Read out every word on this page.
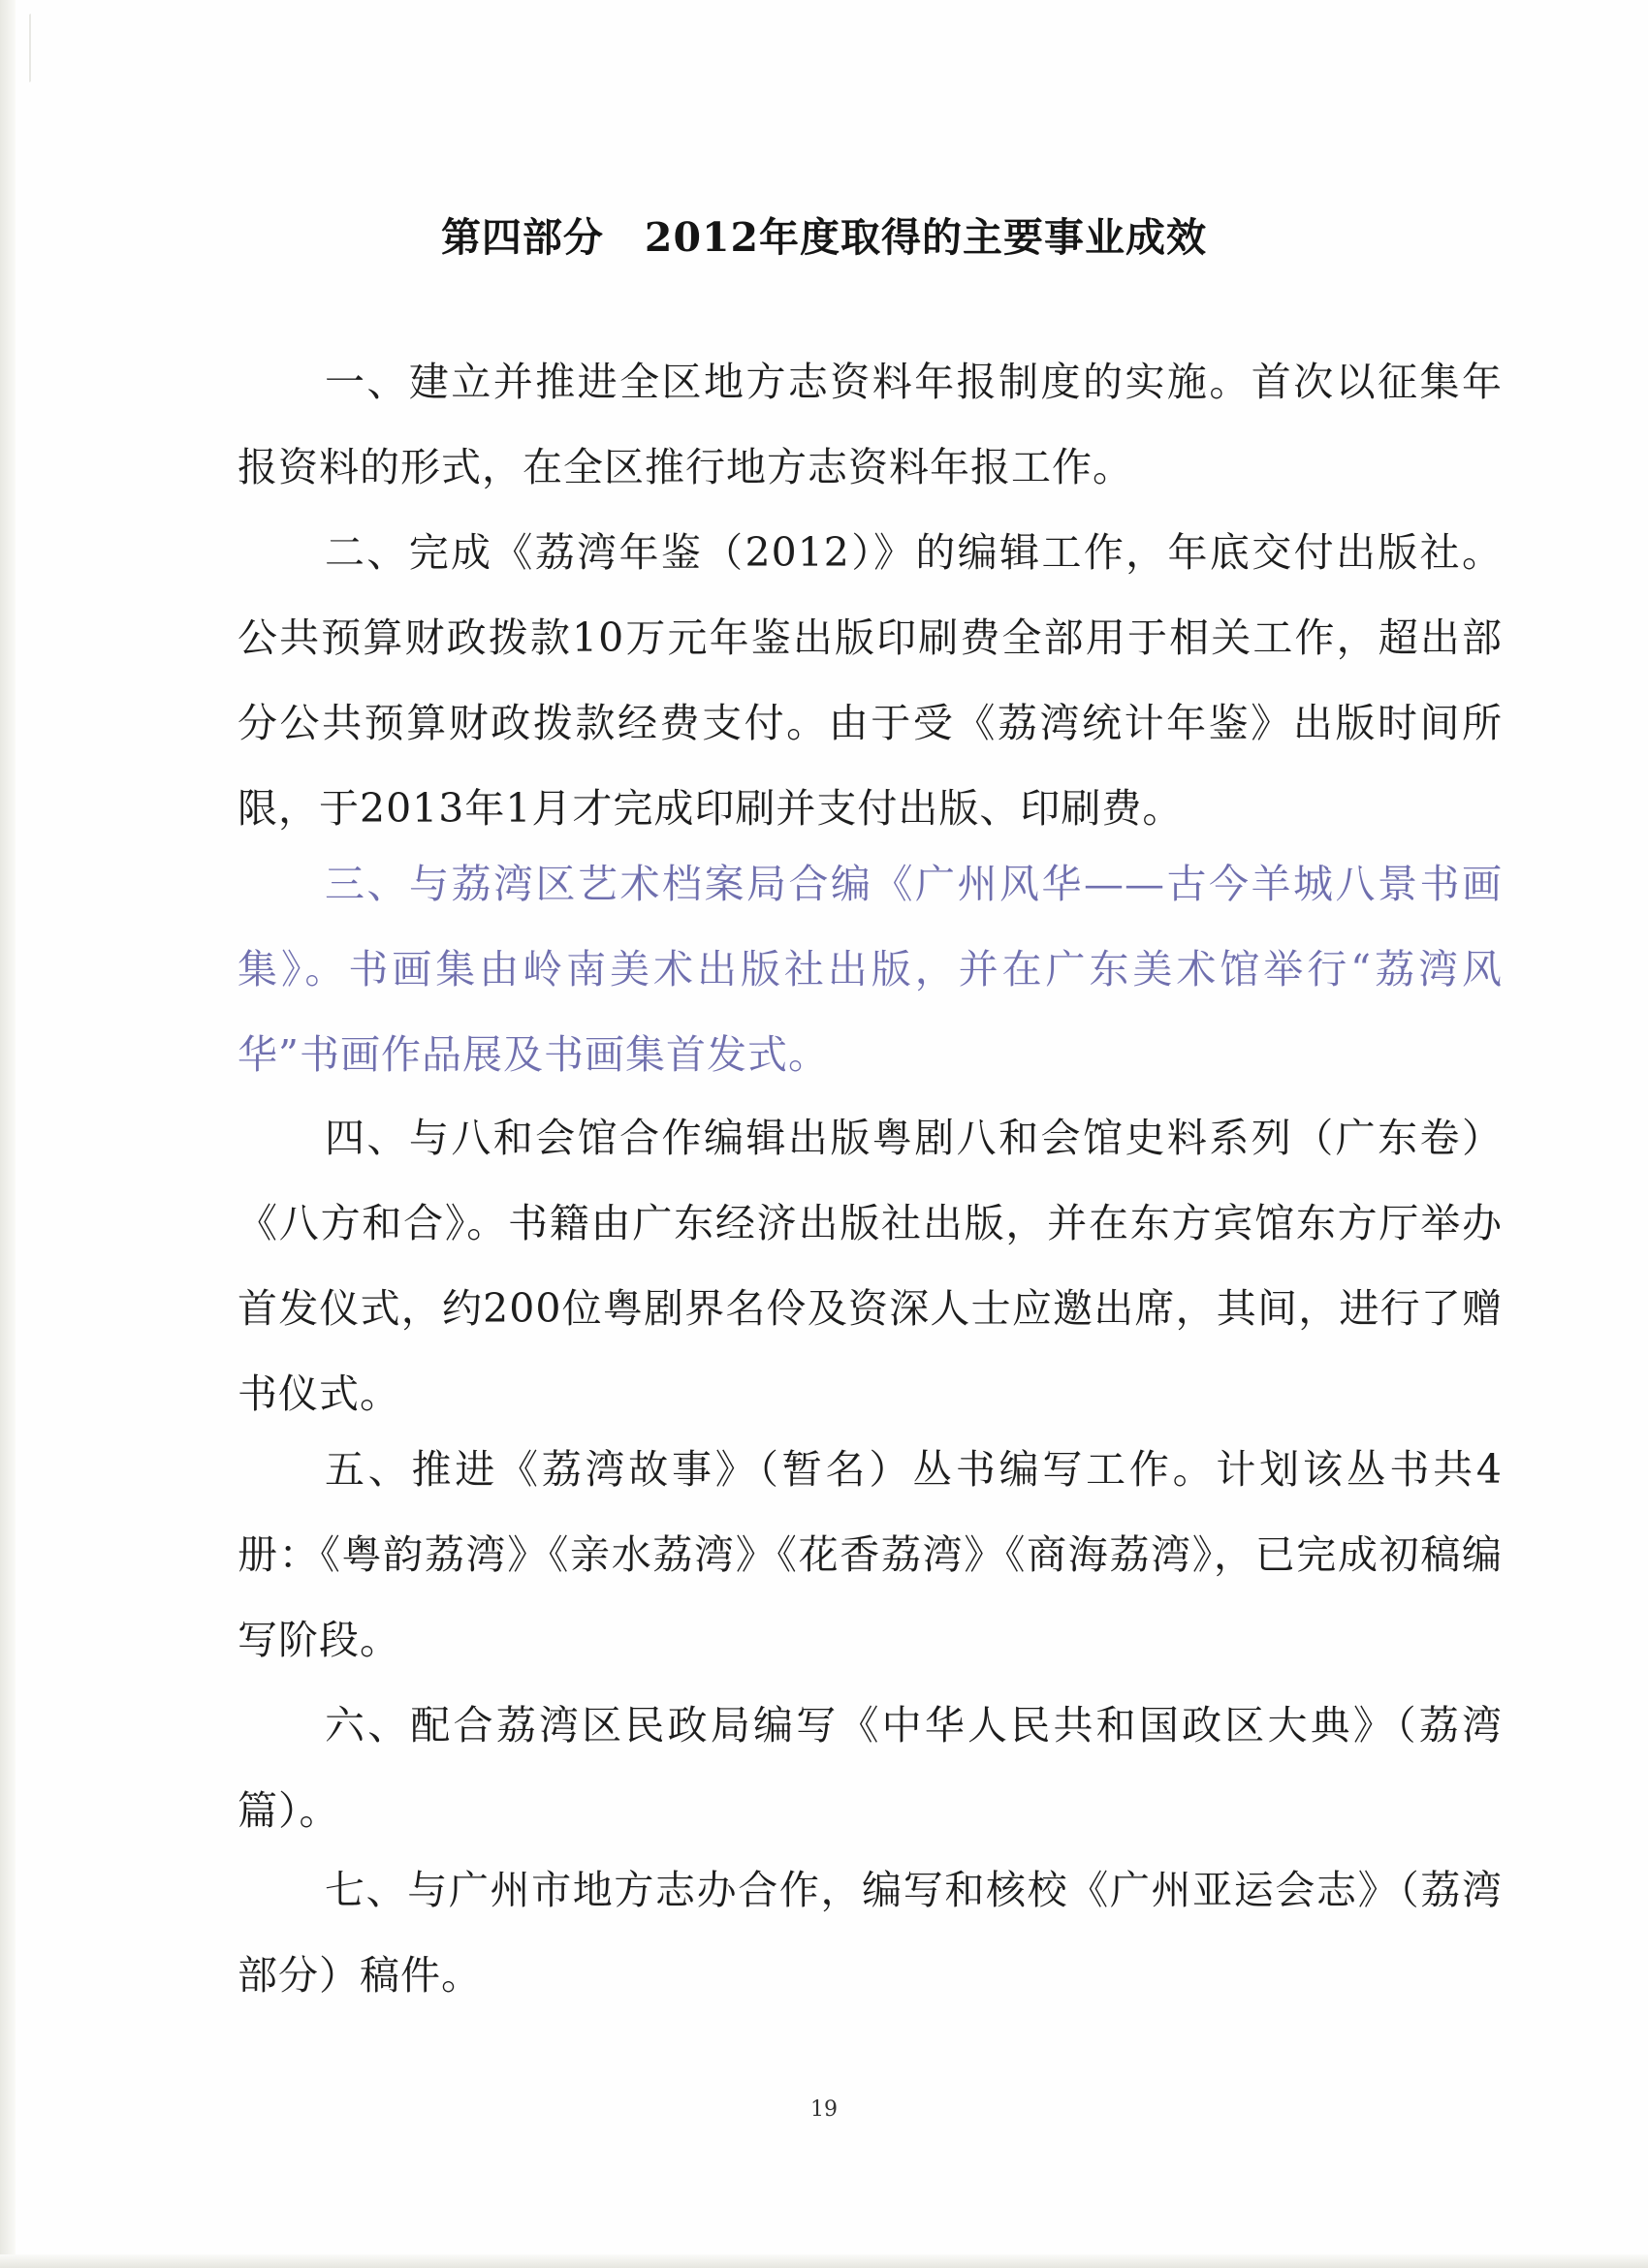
第四部分　2012年度取得的主要事业成效

一、建立并推进全区地方志资料年报制度的实施。首次以征集年报资料的形式，在全区推行地方志资料年报工作。

二、完成《荔湾年鉴（2012）》的编辑工作，年底交付出版社。公共预算财政拨款10万元年鉴出版印刷费全部用于相关工作，超出部分公共预算财政拨款经费支付。由于受《荔湾统计年鉴》出版时间所限，于2013年1月才完成印刷并支付出版、印刷费。

三、与荔湾区艺术档案局合编《广州风华——古今羊城八景书画集》。书画集由岭南美术出版社出版，并在广东美术馆举行“荔湾风华”书画作品展及书画集首发式。

四、与八和会馆合作编辑出版粤剧八和会馆史料系列（广东卷）《八方和合》。书籍由广东经济出版社出版，并在东方宾馆东方厅举办首发仪式，约200位粤剧界名伶及资深人士应邀出席，其间，进行了赠书仪式。

五、推进《荔湾故事》（暂名）丛书编写工作。计划该丛书共4册：《粤韵荔湾》《亲水荔湾》《花香荔湾》《商海荔湾》，已完成初稿编写阶段。

六、配合荔湾区民政局编写《中华人民共和国政区大典》（荔湾篇）。

七、与广州市地方志办合作，编写和核校《广州亚运会志》（荔湾部分）稿件。

19
